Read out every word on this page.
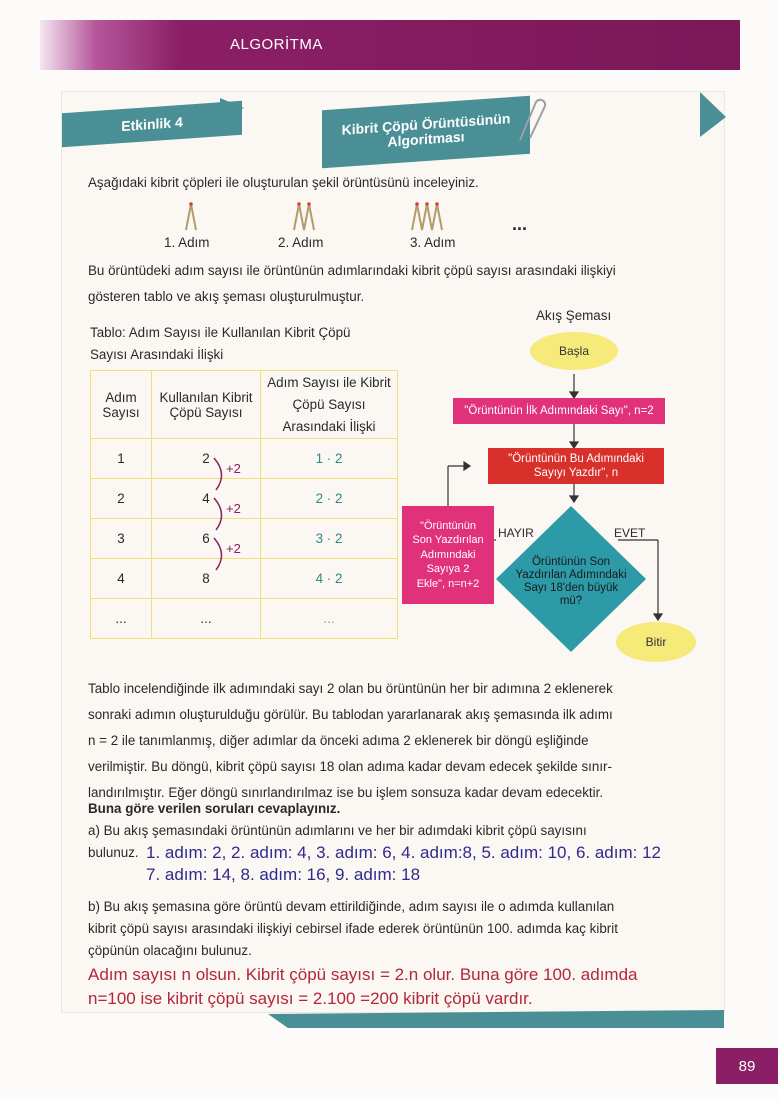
ALGORİTMA
Etkinlik 4	Kibrit Çöpü Örüntüsünün Algoritması
Aşağıdaki kibrit çöpleri ile oluşturulan şekil örüntüsünü inceleyiniz.
1. Adım	2. Adım	3. Adım
...
Bu örüntüdeki adım sayısı ile örüntünün adımlarındaki kibrit çöpü sayısı arasındaki ilişkiyi
gösteren tablo ve akış şeması oluşturulmuştur.
Tablo: Adım Sayısı ile Kullanılan Kibrit Çöpü
Sayısı Arasındaki İlişki
Adım Sayısı	Kullanılan Kibrit Çöpü Sayısı	Adım Sayısı ile Kibrit Çöpü Sayısı Arasındaki İlişki
1	2	1 · 2
2	4	2 · 2
3	6	3 · 2
4	8	4 · 2
...	...	...
+2
+2
+2
Akış Şeması
Başla
"Örüntünün İlk Adımındaki Sayı", n=2
"Örüntünün Bu Adımındaki
Sayıyı Yazdır", n
Örüntünün Son
Yazdırılan Adımındaki
Sayı 18'den büyük
mü?
HAYIR	EVET
"Örüntünün
Son Yazdırılan
Adımındaki
Sayıya 2
Ekle", n=n+2
Bitir
Tablo incelendiğinde ilk adımındaki sayı 2 olan bu örüntünün her bir adımına 2 eklenerek
sonraki adımın oluşturulduğu görülür. Bu tablodan yararlanarak akış şemasında ilk adımı
n = 2 ile tanımlanmış, diğer adımlar da önceki adıma 2 eklenerek bir döngü eşliğinde
verilmiştir. Bu döngü, kibrit çöpü sayısı 18 olan adıma kadar devam edecek şekilde sınır-
landırılmıştır. Eğer döngü sınırlandırılmaz ise bu işlem sonsuza kadar devam edecektir.
Buna göre verilen soruları cevaplayınız.
a) Bu akış şemasındaki örüntünün adımlarını ve her bir adımdaki kibrit çöpü sayısını
bulunuz. 1. adım: 2, 2. adım: 4, 3. adım: 6, 4. adım:8, 5. adım: 10, 6. adım: 12
7. adım: 14, 8. adım: 16, 9. adım: 18
b) Bu akış şemasına göre örüntü devam ettirildiğinde, adım sayısı ile o adımda kullanılan
kibrit çöpü sayısı arasındaki ilişkiyi cebirsel ifade ederek örüntünün 100. adımda kaç kibrit
çöpünün olacağını bulunuz.
Adım sayısı n olsun. Kibrit çöpü sayısı = 2.n olur. Buna göre 100. adımda
n=100 ise kibrit çöpü sayısı = 2.100 =200 kibrit çöpü vardır.
89
